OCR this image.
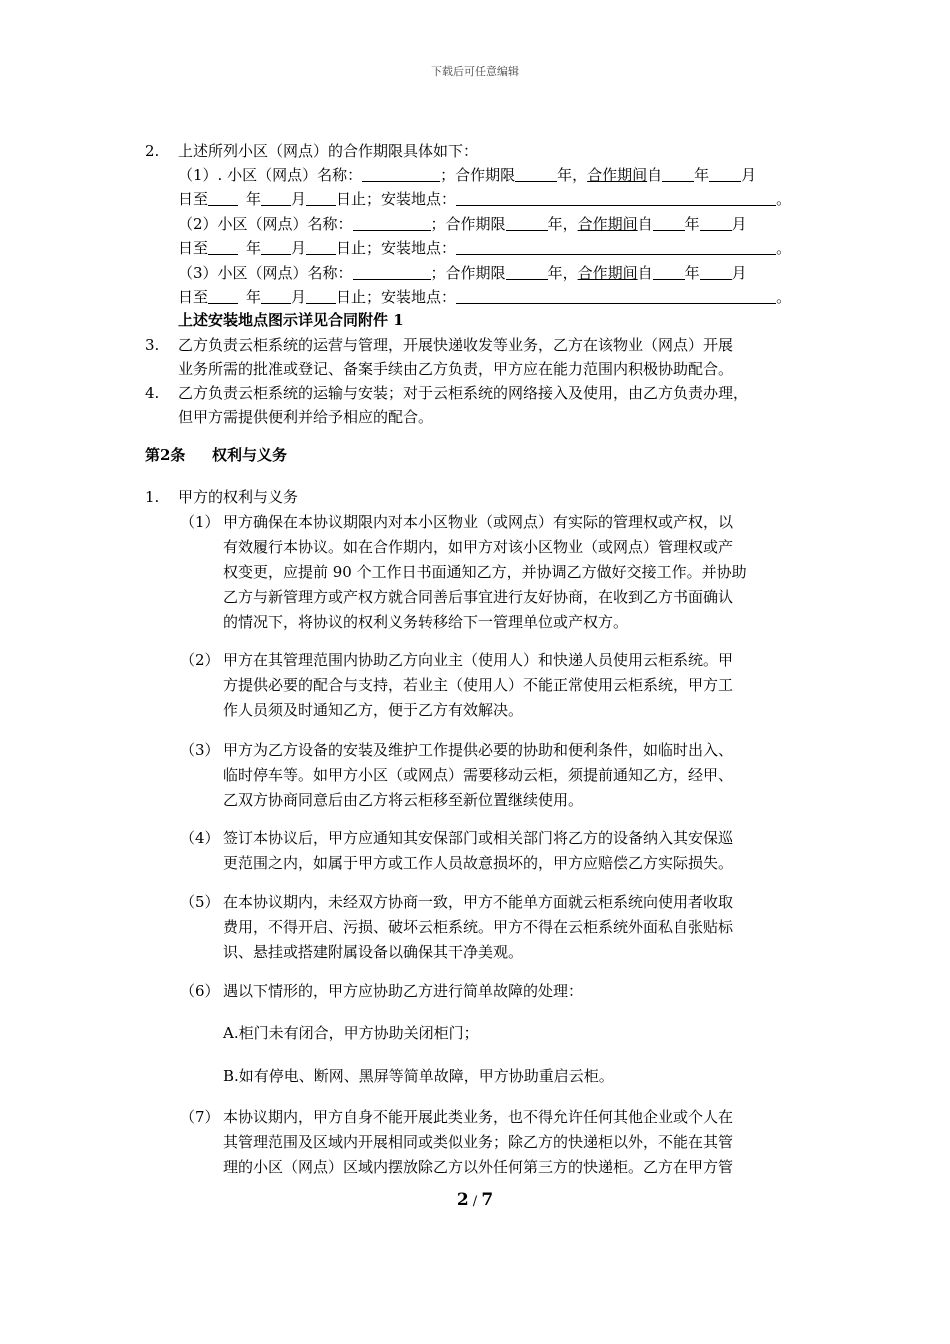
下载后可任意编辑
2. 上述所列小区（网点）的合作期限具体如下：
（1）. 小区（网点）名称：	；合作期限	年，合作期间自 年 月
日至	年 月 日止；安装地点：	。
（2）小区（网点）名称：	；合作期限	年，合作期间自 年 月
日至	年 月 日止；安装地点：	。
（3）小区（网点）名称：	；合作期限	年，合作期间自 年 月
日至	年 月 日止；安装地点：	。
上述安装地点图示详见合同附件 1
3. 乙方负责云柜系统的运营与管理，开展快递收发等业务，乙方在该物业（网点）开展
业务所需的批准或登记、备案手续由乙方负责，甲方应在能力范围内积极协助配合。
4. 乙方负责云柜系统的运输与安装；对于云柜系统的网络接入及使用，由乙方负责办理，
但甲方需提供便利并给予相应的配合。
第2条 权利与义务
1. 甲方的权利与义务
（1） 甲方确保在本协议期限内对本小区物业（或网点）有实际的管理权或产权，以
有效履行本协议。如在合作期内，如甲方对该小区物业（或网点）管理权或产
权变更，应提前 90 个工作日书面通知乙方，并协调乙方做好交接工作。并协助
乙方与新管理方或产权方就合同善后事宜进行友好协商，在收到乙方书面确认
的情况下，将协议的权利义务转移给下一管理单位或产权方。
（2） 甲方在其管理范围内协助乙方向业主（使用人）和快递人员使用云柜系统。甲
方提供必要的配合与支持，若业主（使用人）不能正常使用云柜系统，甲方工
作人员须及时通知乙方，便于乙方有效解决。
（3） 甲方为乙方设备的安装及维护工作提供必要的协助和便利条件，如临时出入、
临时停车等。如甲方小区（或网点）需要移动云柜，须提前通知乙方，经甲、
乙双方协商同意后由乙方将云柜移至新位置继续使用。
（4） 签订本协议后，甲方应通知其安保部门或相关部门将乙方的设备纳入其安保巡
更范围之内，如属于甲方或工作人员故意损坏的，甲方应赔偿乙方实际损失。
（5） 在本协议期内，未经双方协商一致，甲方不能单方面就云柜系统向使用者收取
费用，不得开启、污损、破坏云柜系统。甲方不得在云柜系统外面私自张贴标
识、悬挂或搭建附属设备以确保其干净美观。
（6） 遇以下情形的，甲方应协助乙方进行简单故障的处理：
A.柜门未有闭合，甲方协助关闭柜门；
B.如有停电、断网、黑屏等简单故障，甲方协助重启云柜。
（7） 本协议期内，甲方自身不能开展此类业务，也不得允许任何其他企业或个人在
其管理范围及区域内开展相同或类似业务；除乙方的快递柜以外，不能在其管
理的小区（网点）区域内摆放除乙方以外任何第三方的快递柜。乙方在甲方管
2 / 7
